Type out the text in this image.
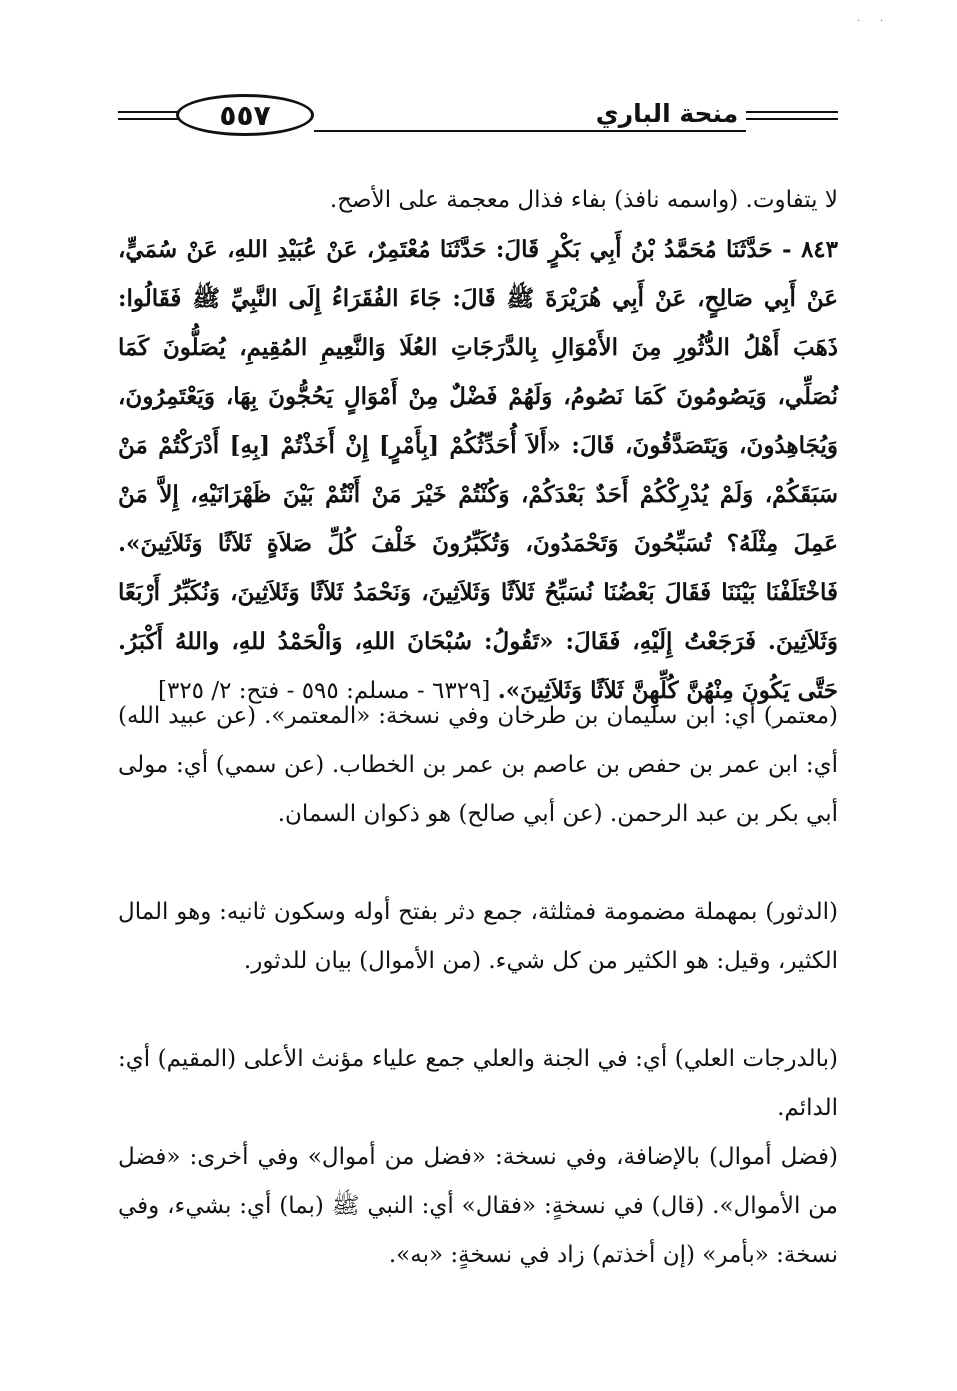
· ·
٥٥٧	منحة الباري
لا يتفاوت. (واسمه نافذ) بفاء فذال معجمة على الأصح.
٨٤٣ - حَدَّثَنَا مُحَمَّدُ بْنُ أَبِي بَكْرٍ قَالَ: حَدَّثَنَا مُعْتَمِرٌ، عَنْ عُبَيْدِ اللهِ، عَنْ سُمَيٍّ، عَنْ أَبِي صَالِحٍ، عَنْ أَبِي هُرَيْرَةَ ﷺ قَالَ: جَاءَ الفُقَرَاءُ إِلَى النَّبِيِّ ﷺ فَقَالُوا: ذَهَبَ أَهْلُ الدُّثُورِ مِنَ الأَمْوَالِ بِالدَّرَجَاتِ العُلَا وَالنَّعِيمِ المُقِيمِ، يُصَلُّونَ كَمَا نُصَلِّي، وَيَصُومُونَ كَمَا نَصُومُ، وَلَهُمْ فَضْلٌ مِنْ أَمْوَالٍ يَحُجُّونَ بِهَا، وَيَعْتَمِرُونَ، وَيُجَاهِدُونَ، وَيَتَصَدَّقُونَ، قَالَ: «أَلاَ أُحَدِّثُكُمْ [بِأَمْرٍ] إِنْ أَخَذْتُمْ [بِهِ] أَدْرَكْتُمْ مَنْ سَبَقَكُمْ، وَلَمْ يُدْرِكْكُمْ أَحَدٌ بَعْدَكُمْ، وَكُنْتُمْ خَيْرَ مَنْ أَنْتُمْ بَيْنَ ظَهْرَانَيْهِ، إِلاَّ مَنْ عَمِلَ مِثْلَهُ؟ تُسَبِّحُونَ وَتَحْمَدُونَ، وَتُكَبِّرُونَ خَلْفَ كُلِّ صَلاَةٍ ثَلاَثًا وَثَلاَثِينَ». فَاخْتَلَفْنَا بَيْنَنَا فَقَالَ بَعْضُنَا نُسَبِّحُ ثَلاَثًا وَثَلاَثِينَ، وَنَحْمَدُ ثَلاَثًا وَثَلاَثِينَ، وَنُكَبِّرُ أَرْبَعًا وَثَلاَثِينَ. فَرَجَعْتُ إِلَيْهِ، فَقَالَ: «تَقُولُ: سُبْحَانَ اللهِ، وَالْحَمْدُ للهِ، واللهُ أَكْبَرُ. حَتَّى يَكُونَ مِنْهُنَّ كُلِّهِنَّ ثَلاَثًا وَثَلاَثِينَ». [٦٣٢٩ - مسلم: ٥٩٥ - فتح: ٢/ ٣٢٥]
(معتمر) أي: ابن سليمان بن طرخان وفي نسخة: «المعتمر». (عن عبيد الله) أي: ابن عمر بن حفص بن عاصم بن عمر بن الخطاب. (عن سمي) أي: مولى أبي بكر بن عبد الرحمن. (عن أبي صالح) هو ذكوان السمان.
(الدثور) بمهملة مضمومة فمثلثة، جمع دثر بفتح أوله وسكون ثانيه: وهو المال الكثير، وقيل: هو الكثير من كل شيء. (من الأموال) بيان للدثور.
(بالدرجات العلي) أي: في الجنة والعلي جمع علياء مؤنث الأعلى (المقيم) أي: الدائم.
(فضل أموال) بالإضافة، وفي نسخة: «فضل من أموال» وفي أخرى: «فضل من الأموال». (قال) في نسخةٍ: «فقال» أي: النبي ﷺ (بما) أي: بشيء، وفي نسخة: «بأمر» (إن أخذتم) زاد في نسخةٍ: «به».
